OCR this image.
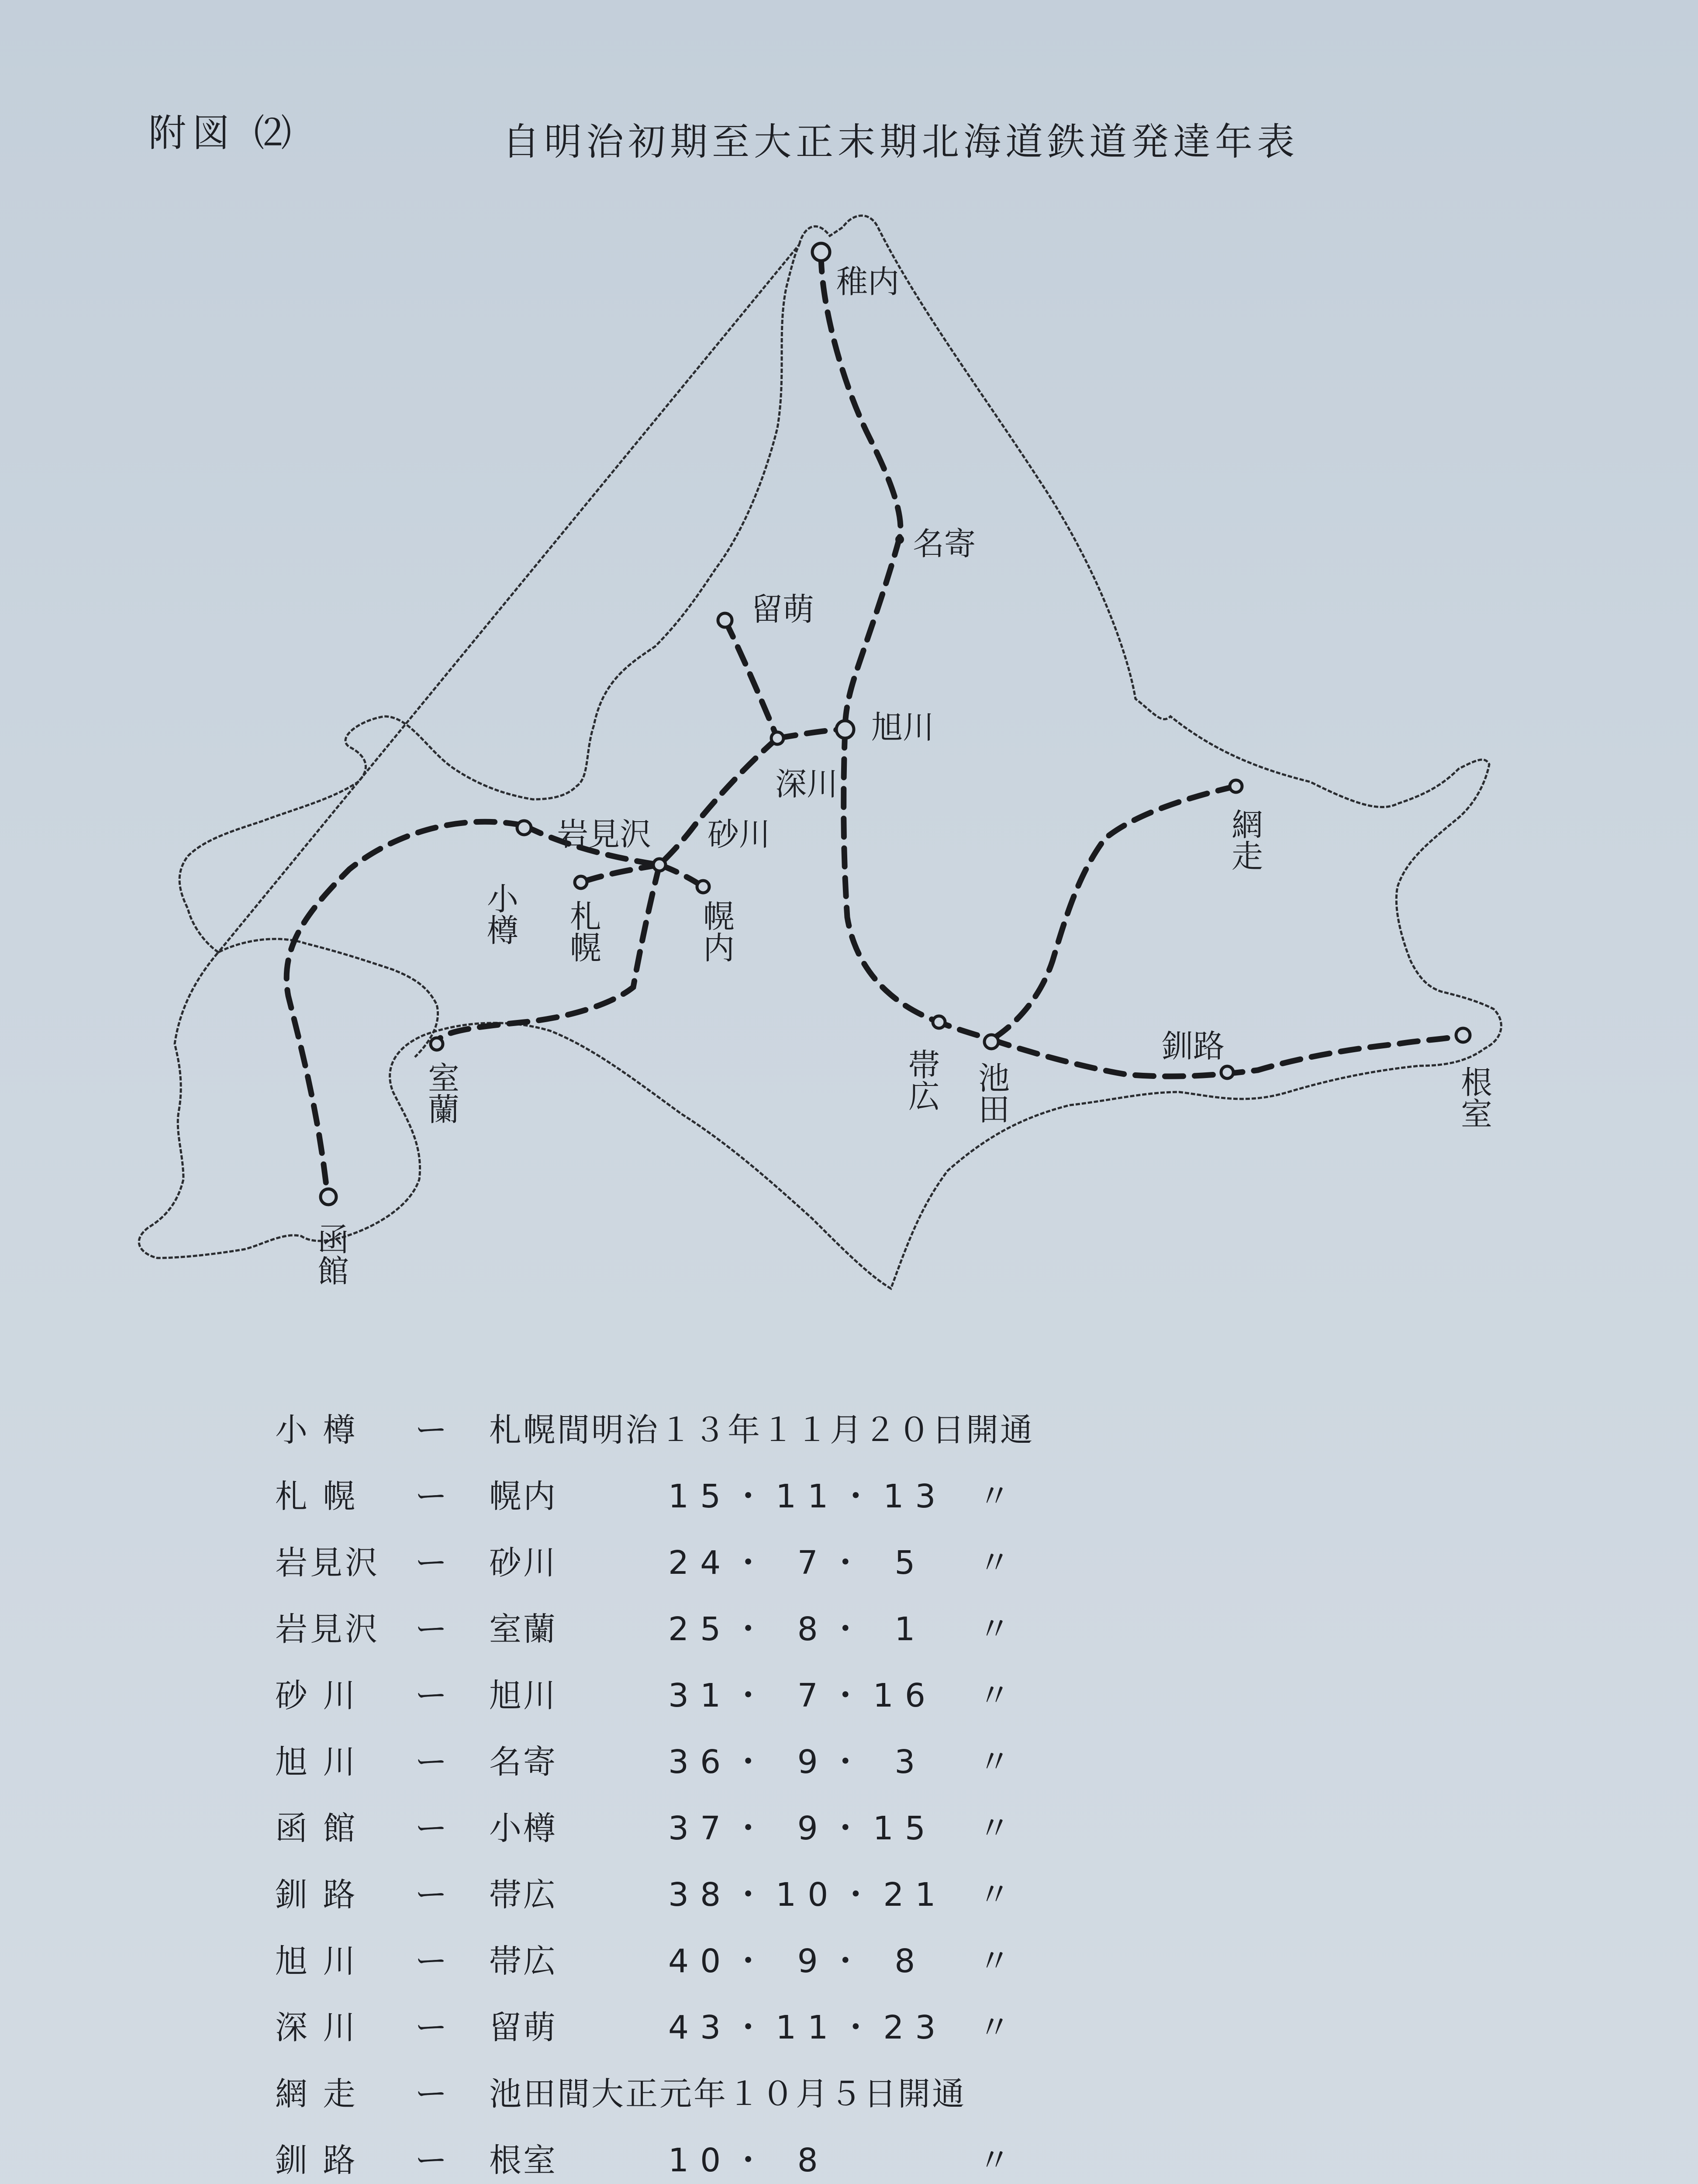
附図 ⑵	自明治初期至大正末期北海道鉄道発達年表
稚内
名寄
留萌
旭川
深川
岩見沢 砂川
小樽 札幌	幌内
室蘭
函館
帯広 池田
釧路
網走
根室
小 樽 ー 札幌間明治１３年１１月２０日開通
札 幌 ー 幌内	15・11・13 〃
岩見沢 ー 砂川	24・ 7・ 5 〃
岩見沢 ー 室蘭	25・ 8・ 1 〃
砂 川 ー 旭川	31・ 7・16 〃
旭 川 ー 名寄	36・ 9・ 3 〃
函 館 ー 小樽	37・ 9・15 〃
釧 路 ー 帯広	38・10・21 〃
旭 川 ー 帯広	40・ 9・ 8 〃
深 川 ー 留萌	43・11・23 〃
網 走 ー 池田間大正元年１０月５日開通
釧 路 ー 根室	10・ 8	〃
